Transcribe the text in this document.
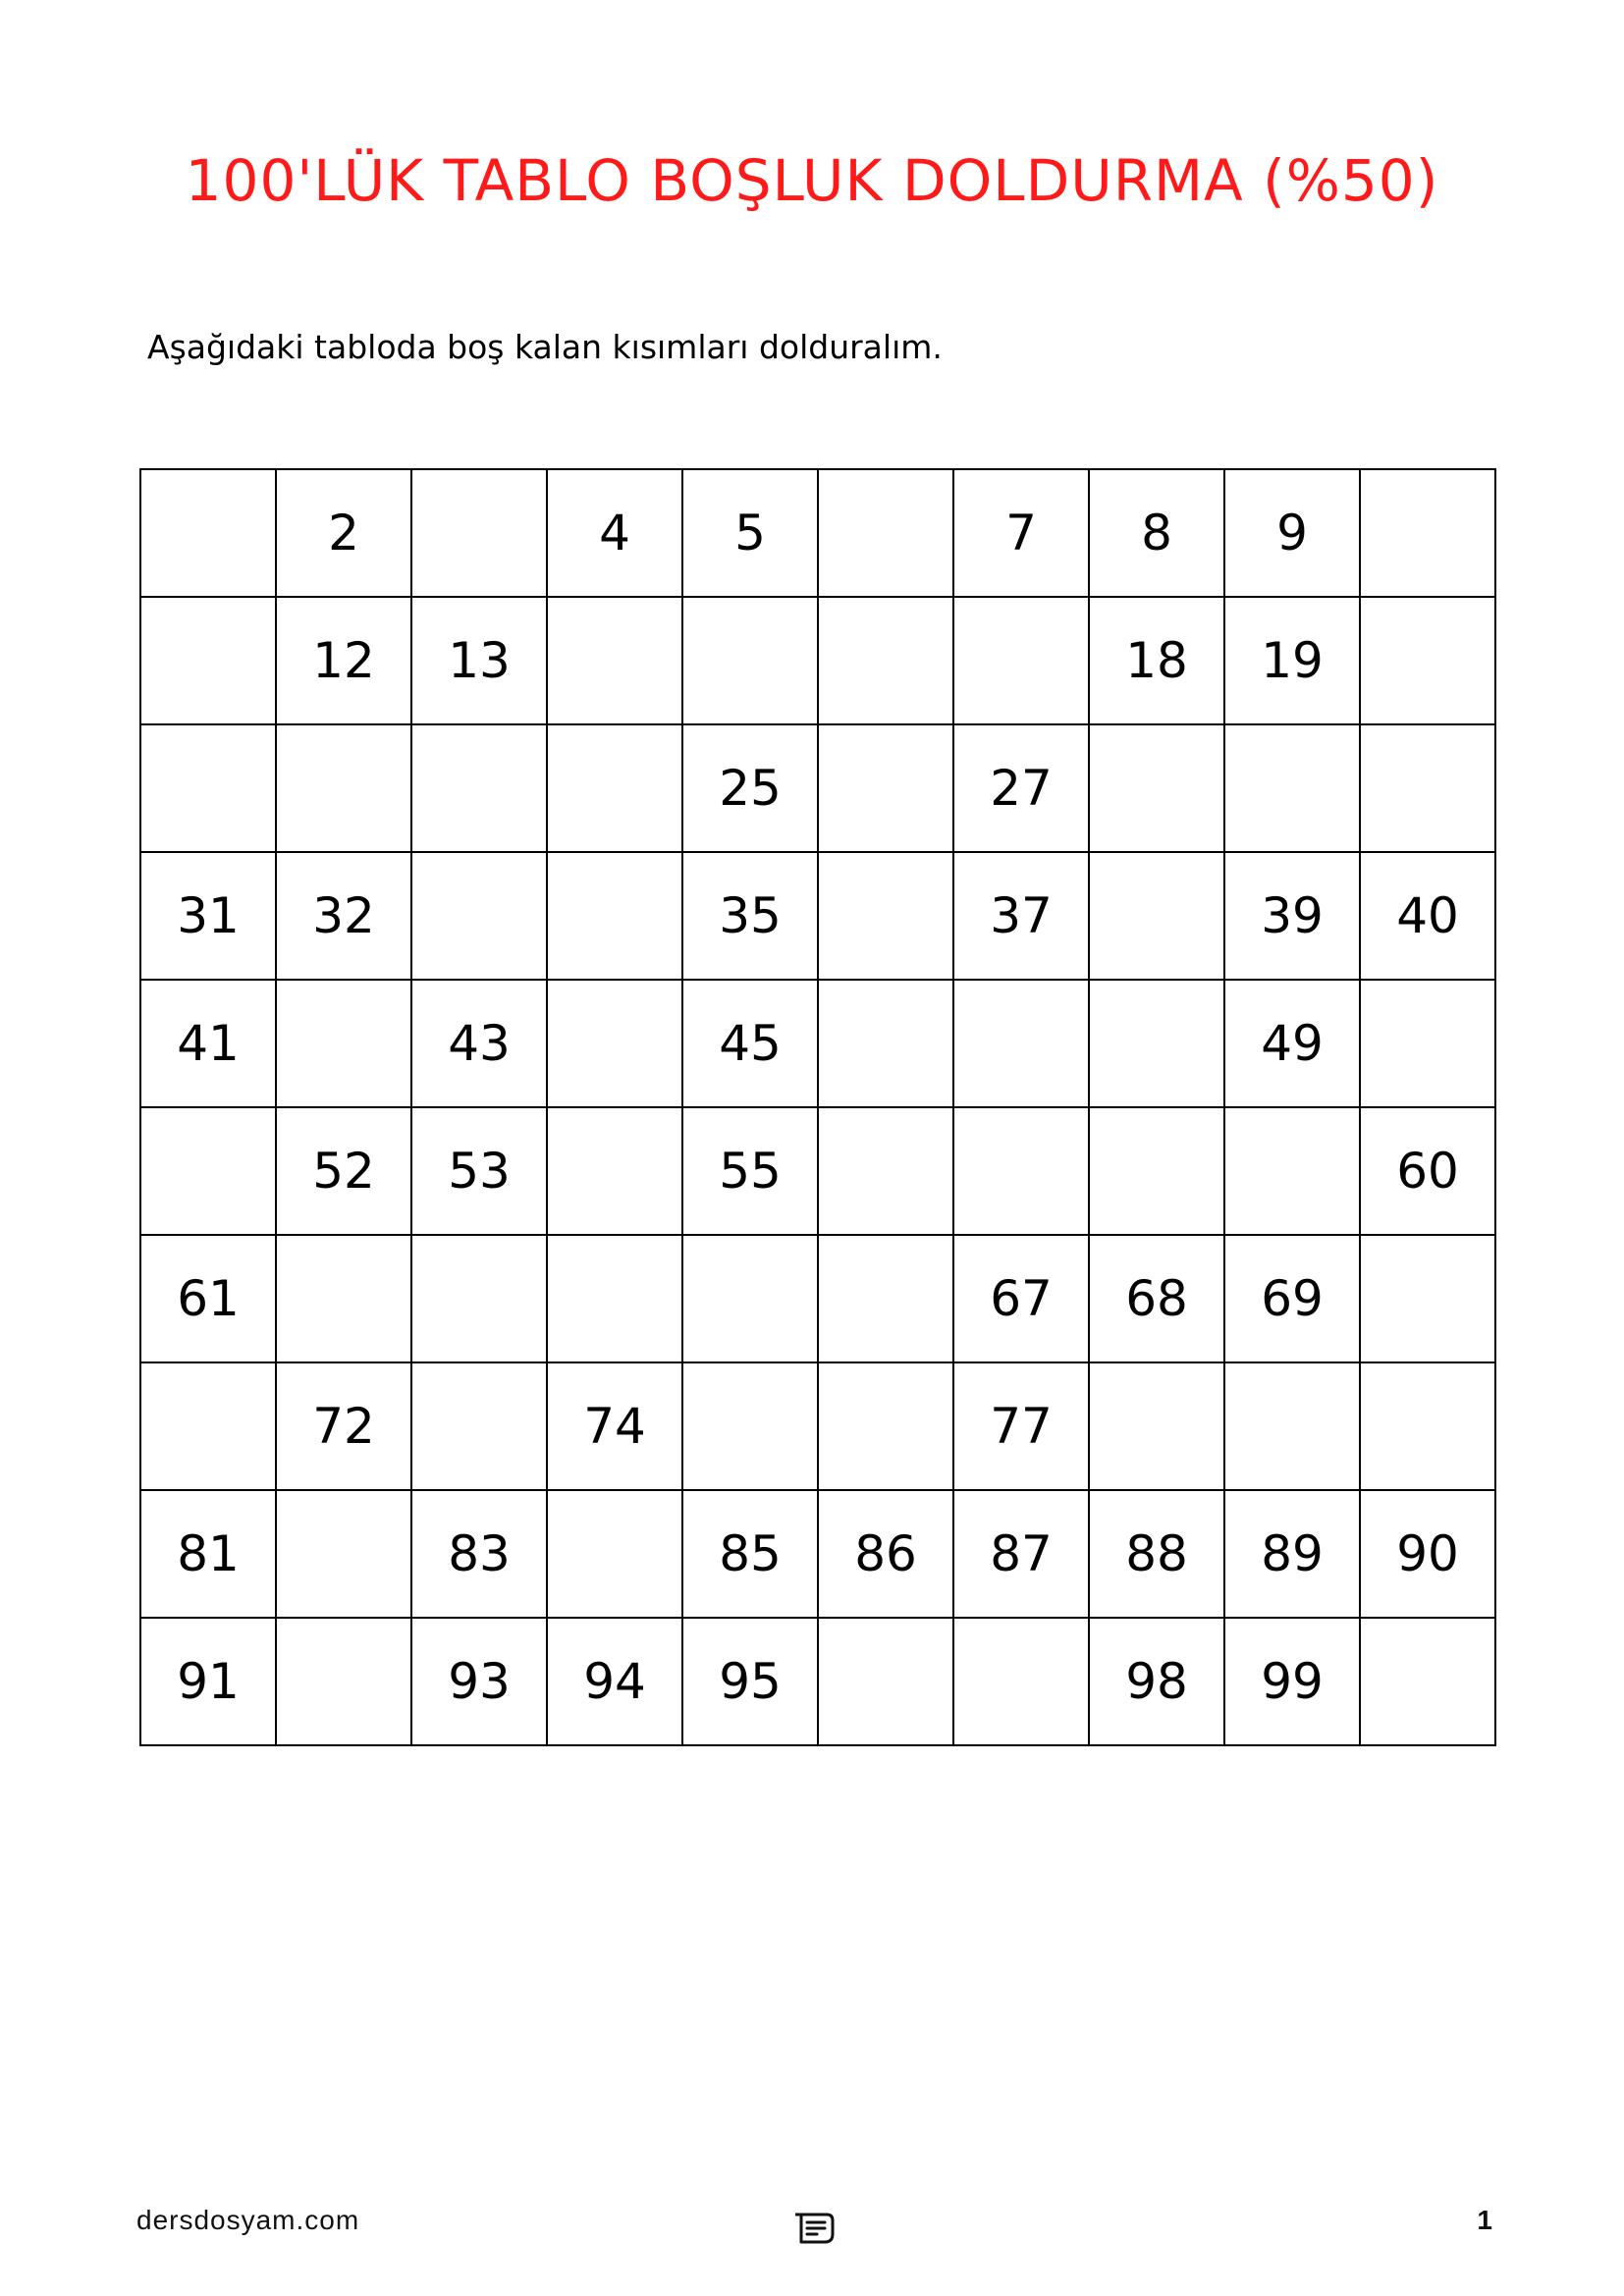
100'LÜK TABLO BOŞLUK DOLDURMA (%50)
Aşağıdaki tabloda boş kalan kısımları dolduralım.
	2		4	5		7	8	9	
	12	13					18	19	
				25		27			
31	32			35		37		39	40
41		43		45				49	
	52	53		55					60
61						67	68	69	
	72		74			77			
81		83		85	86	87	88	89	90
91		93	94	95			98	99	
dersdosyam.com	1
